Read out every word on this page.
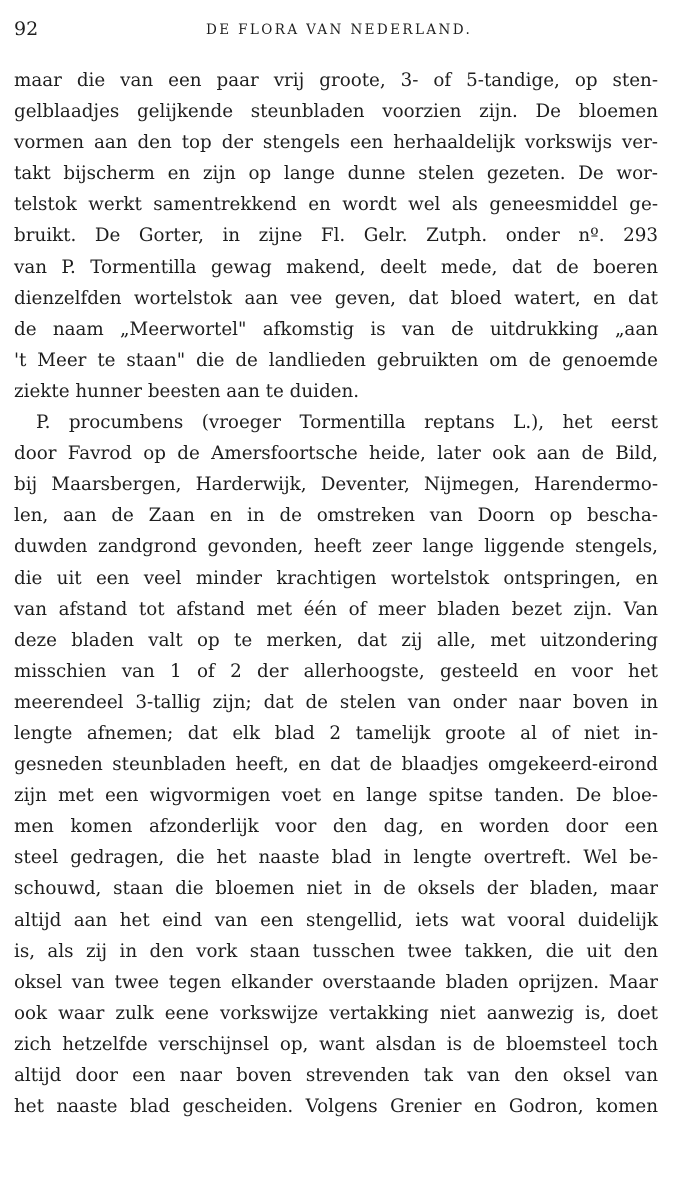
92	DE FLORA VAN NEDERLAND.
maar die van een paar vrij groote, 3- of 5-tandige, op sten-
gelblaadjes gelijkende steunbladen voorzien zijn. De bloemen
vormen aan den top der stengels een herhaaldelijk vorkswijs ver-
takt bijscherm en zijn op lange dunne stelen gezeten. De wor-
telstok werkt samentrekkend en wordt wel als geneesmiddel ge-
bruikt. De Gorter, in zijne Fl. Gelr. Zutph. onder nº. 293
van P. Tormentilla gewag makend, deelt mede, dat de boeren
dienzelfden wortelstok aan vee geven, dat bloed watert, en dat
de naam „Meerwortel" afkomstig is van de uitdrukking „aan
't Meer te staan" die de landlieden gebruikten om de genoemde
ziekte hunner beesten aan te duiden.
P. procumbens (vroeger Tormentilla reptans L.), het eerst
door Favrod op de Amersfoortsche heide, later ook aan de Bild,
bij Maarsbergen, Harderwijk, Deventer, Nijmegen, Harendermo-
len, aan de Zaan en in de omstreken van Doorn op bescha-
duwden zandgrond gevonden, heeft zeer lange liggende stengels,
die uit een veel minder krachtigen wortelstok ontspringen, en
van afstand tot afstand met één of meer bladen bezet zijn. Van
deze bladen valt op te merken, dat zij alle, met uitzondering
misschien van 1 of 2 der allerhoogste, gesteeld en voor het
meerendeel 3-tallig zijn; dat de stelen van onder naar boven in
lengte afnemen; dat elk blad 2 tamelijk groote al of niet in-
gesneden steunbladen heeft, en dat de blaadjes omgekeerd-eirond
zijn met een wigvormigen voet en lange spitse tanden. De bloe-
men komen afzonderlijk voor den dag, en worden door een
steel gedragen, die het naaste blad in lengte overtreft. Wel be-
schouwd, staan die bloemen niet in de oksels der bladen, maar
altijd aan het eind van een stengellid, iets wat vooral duidelijk
is, als zij in den vork staan tusschen twee takken, die uit den
oksel van twee tegen elkander overstaande bladen oprijzen. Maar
ook waar zulk eene vorkswijze vertakking niet aanwezig is, doet
zich hetzelfde verschijnsel op, want alsdan is de bloemsteel toch
altijd door een naar boven strevenden tak van den oksel van
het naaste blad gescheiden. Volgens Grenier en Godron, komen
